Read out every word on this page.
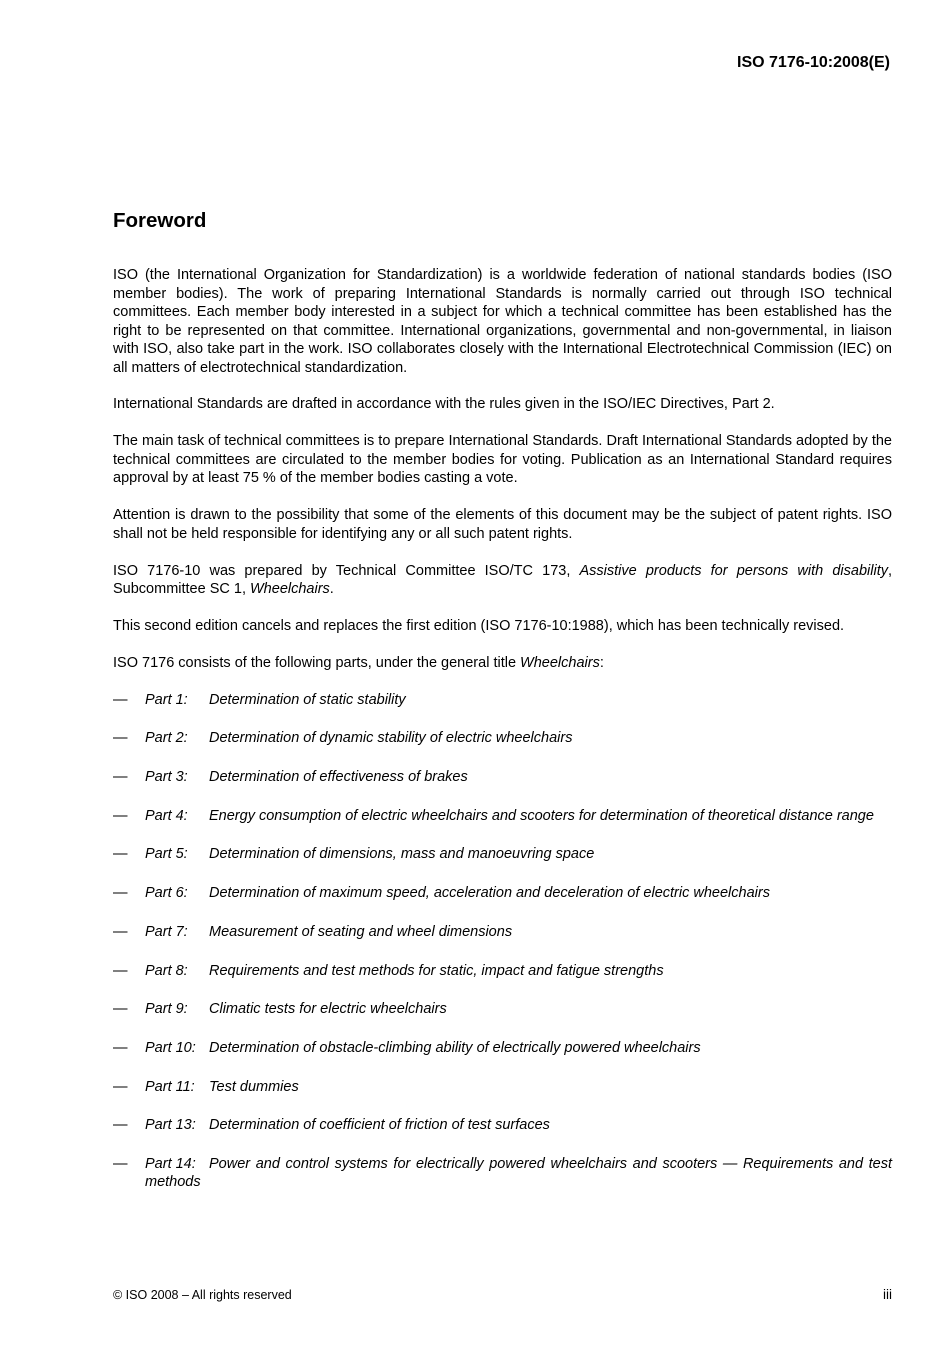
ISO 7176-10:2008(E)
Foreword

ISO (the International Organization for Standardization) is a worldwide federation of national standards bodies (ISO member bodies). The work of preparing International Standards is normally carried out through ISO technical committees. Each member body interested in a subject for which a technical committee has been established has the right to be represented on that committee. International organizations, governmental and non-governmental, in liaison with ISO, also take part in the work. ISO collaborates closely with the International Electrotechnical Commission (IEC) on all matters of electrotechnical standardization.

International Standards are drafted in accordance with the rules given in the ISO/IEC Directives, Part 2.

The main task of technical committees is to prepare International Standards. Draft International Standards adopted by the technical committees are circulated to the member bodies for voting. Publication as an International Standard requires approval by at least 75 % of the member bodies casting a vote.

Attention is drawn to the possibility that some of the elements of this document may be the subject of patent rights. ISO shall not be held responsible for identifying any or all such patent rights.

ISO 7176-10 was prepared by Technical Committee ISO/TC 173, Assistive products for persons with disability, Subcommittee SC 1, Wheelchairs.

This second edition cancels and replaces the first edition (ISO 7176-10:1988), which has been technically revised.

ISO 7176 consists of the following parts, under the general title Wheelchairs:

— Part 1: Determination of static stability
— Part 2: Determination of dynamic stability of electric wheelchairs
— Part 3: Determination of effectiveness of brakes
— Part 4: Energy consumption of electric wheelchairs and scooters for determination of theoretical distance range
— Part 5: Determination of dimensions, mass and manoeuvring space
— Part 6: Determination of maximum speed, acceleration and deceleration of electric wheelchairs
— Part 7: Measurement of seating and wheel dimensions
— Part 8: Requirements and test methods for static, impact and fatigue strengths
— Part 9: Climatic tests for electric wheelchairs
— Part 10: Determination of obstacle-climbing ability of electrically powered wheelchairs
— Part 11: Test dummies
— Part 13: Determination of coefficient of friction of test surfaces
— Part 14: Power and control systems for electrically powered wheelchairs and scooters — Requirements and test methods
© ISO 2008 – All rights reserved	iii
